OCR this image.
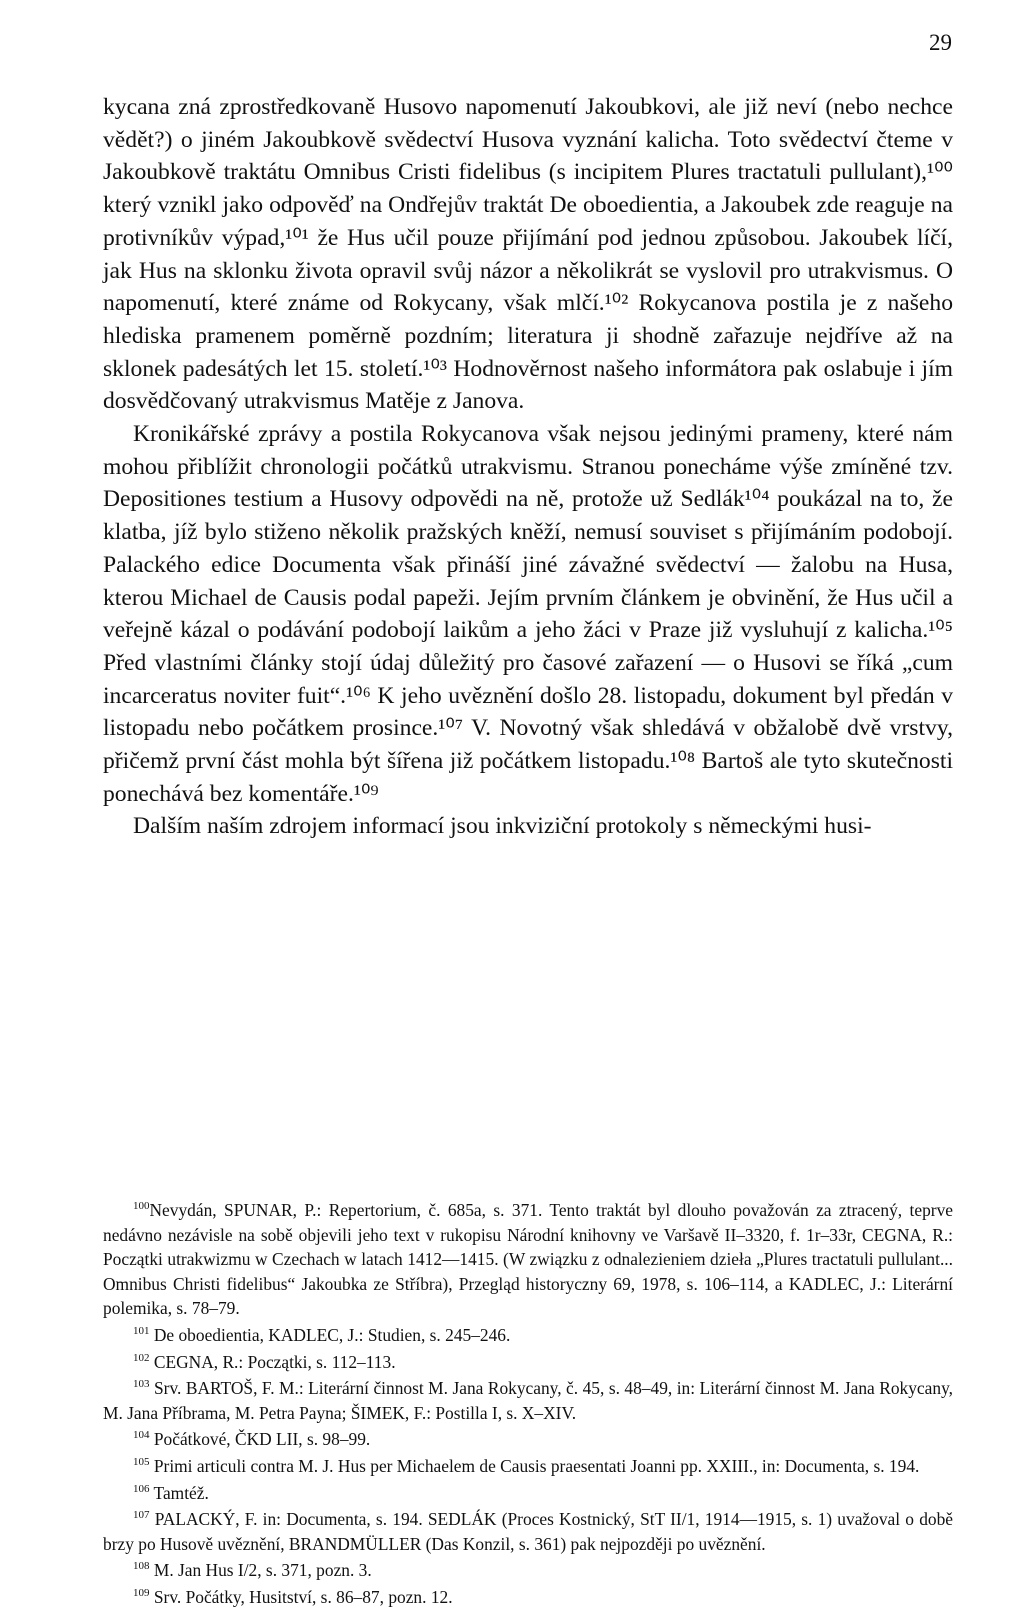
29

kycana zná zprostředkovaně Husovo napomenutí Jakoubkovi, ale již neví (nebo nechce vědět?) o jiném Jakoubkově svědectví Husova vyznání kalicha. Toto svědectví čteme v Jakoubkově traktátu Omnibus Cristi fidelibus (s incipitem Plures tractatuli pullulant),¹⁰⁰ který vznikl jako odpověď na Ondřejův traktát De oboedientia, a Jakoubek zde reaguje na protivníkův výpad,¹⁰¹ že Hus učil pouze přijímání pod jednou způsobou. Jakoubek líčí, jak Hus na sklonku života opravil svůj názor a několikrát se vyslovil pro utrakvismus. O napomenutí, které známe od Rokycany, však mlčí.¹⁰² Rokycanova postila je z našeho hlediska pramenem poměrně pozdním; literatura ji shodně zařazuje nejdříve až na sklonek padesátých let 15. století.¹⁰³ Hodnověrnost našeho informátora pak oslabuje i jím dosvědčovaný utrakvismus Matěje z Janova.

Kronikářské zprávy a postila Rokycanova však nejsou jedinými prameny, které nám mohou přiblížit chronologii počátků utrakvismu. Stranou ponecháme výše zmíněné tzv. Depositiones testium a Husovy odpovědi na ně, protože už Sedlák¹⁰⁴ poukázal na to, že klatba, jíž bylo stiženo několik pražských kněží, nemusí souviset s přijímáním podobojí. Palackého edice Documenta však přináší jiné závažné svědectví — žalobu na Husa, kterou Michael de Causis podal papeži. Jejím prvním článkem je obvinění, že Hus učil a veřejně kázal o podávání podobojí laikům a jeho žáci v Praze již vysluhují z kalicha.¹⁰⁵ Před vlastními články stojí údaj důležitý pro časové zařazení — o Husovi se říká „cum incarceratus noviter fuit“.¹⁰⁶ K jeho uvěznění došlo 28. listopadu, dokument byl předán v listopadu nebo počátkem prosince.¹⁰⁷ V. Novotný však shledává v obžalobě dvě vrstvy, přičemž první část mohla být šířena již počátkem listopadu.¹⁰⁸ Bartoš ale tyto skutečnosti ponechává bez komentáře.¹⁰⁹

Dalším naším zdrojem informací jsou inkviziční protokoly s německými husi-

$^{100}$Nevydán, SPUNAR, P.: Repertorium, č. 685a, s. 371. Tento traktát byl dlouho považován za ztracený, teprve nedávno nezávisle na sobě objevili jeho text v rukopisu Národní knihovny ve Varšavě II–3320, f. 1r–33r, CEGNA, R.: Początki utrakwizmu w Czechach w latach 1412—1415. (W związku z odnalezieniem dzieła „Plures tractatuli pullulant... Omnibus Christi fidelibus“ Jakoubka ze Stříbra), Przegląd historyczny 69, 1978, s. 106–114, a KADLEC, J.: Literární polemika, s. 78–79.

$^{101}$ De oboedientia, KADLEC, J.: Studien, s. 245–246.

$^{102}$ CEGNA, R.: Początki, s. 112–113.

$^{103}$ Srv. BARTOŠ, F. M.: Literární činnost M. Jana Rokycany, č. 45, s. 48–49, in: Literární činnost M. Jana Rokycany, M. Jana Příbrama, M. Petra Payna; ŠIMEK, F.: Postilla I, s. X–XIV.

$^{104}$ Počátkové, ČKD LII, s. 98–99.

$^{105}$ Primi articuli contra M. J. Hus per Michaelem de Causis praesentati Joanni pp. XXIII., in: Documenta, s. 194.

$^{106}$ Tamtéž.

$^{107}$ PALACKÝ, F. in: Documenta, s. 194. SEDLÁK (Proces Kostnický, StT II/1, 1914—1915, s. 1) uvažoval o době brzy po Husově uvěznění, BRANDMÜLLER (Das Konzil, s. 361) pak nejpozději po uvěznění.

$^{108}$ M. Jan Hus I/2, s. 371, pozn. 3.

$^{109}$ Srv. Počátky, Husitství, s. 86–87, pozn. 12.
